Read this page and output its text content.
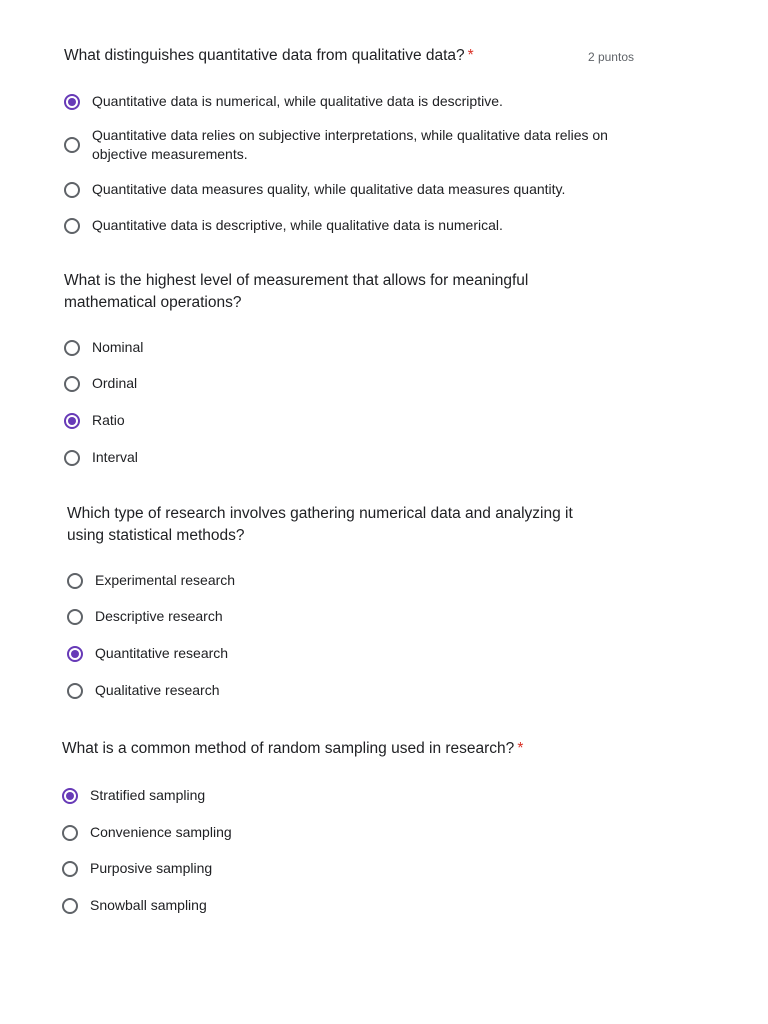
What distinguishes quantitative data from qualitative data? *	2 puntos
Quantitative data is numerical, while qualitative data is descriptive.
Quantitative data relies on subjective interpretations, while qualitative data relies on objective measurements.
Quantitative data measures quality, while qualitative data measures quantity.
Quantitative data is descriptive, while qualitative data is numerical.
What is the highest level of measurement that allows for meaningful mathematical operations?
Nominal
Ordinal
Ratio
Interval
Which type of research involves gathering numerical data and analyzing it using statistical methods?
Experimental research
Descriptive research
Quantitative research
Qualitative research
What is a common method of random sampling used in research? *
Stratified sampling
Convenience sampling
Purposive sampling
Snowball sampling
